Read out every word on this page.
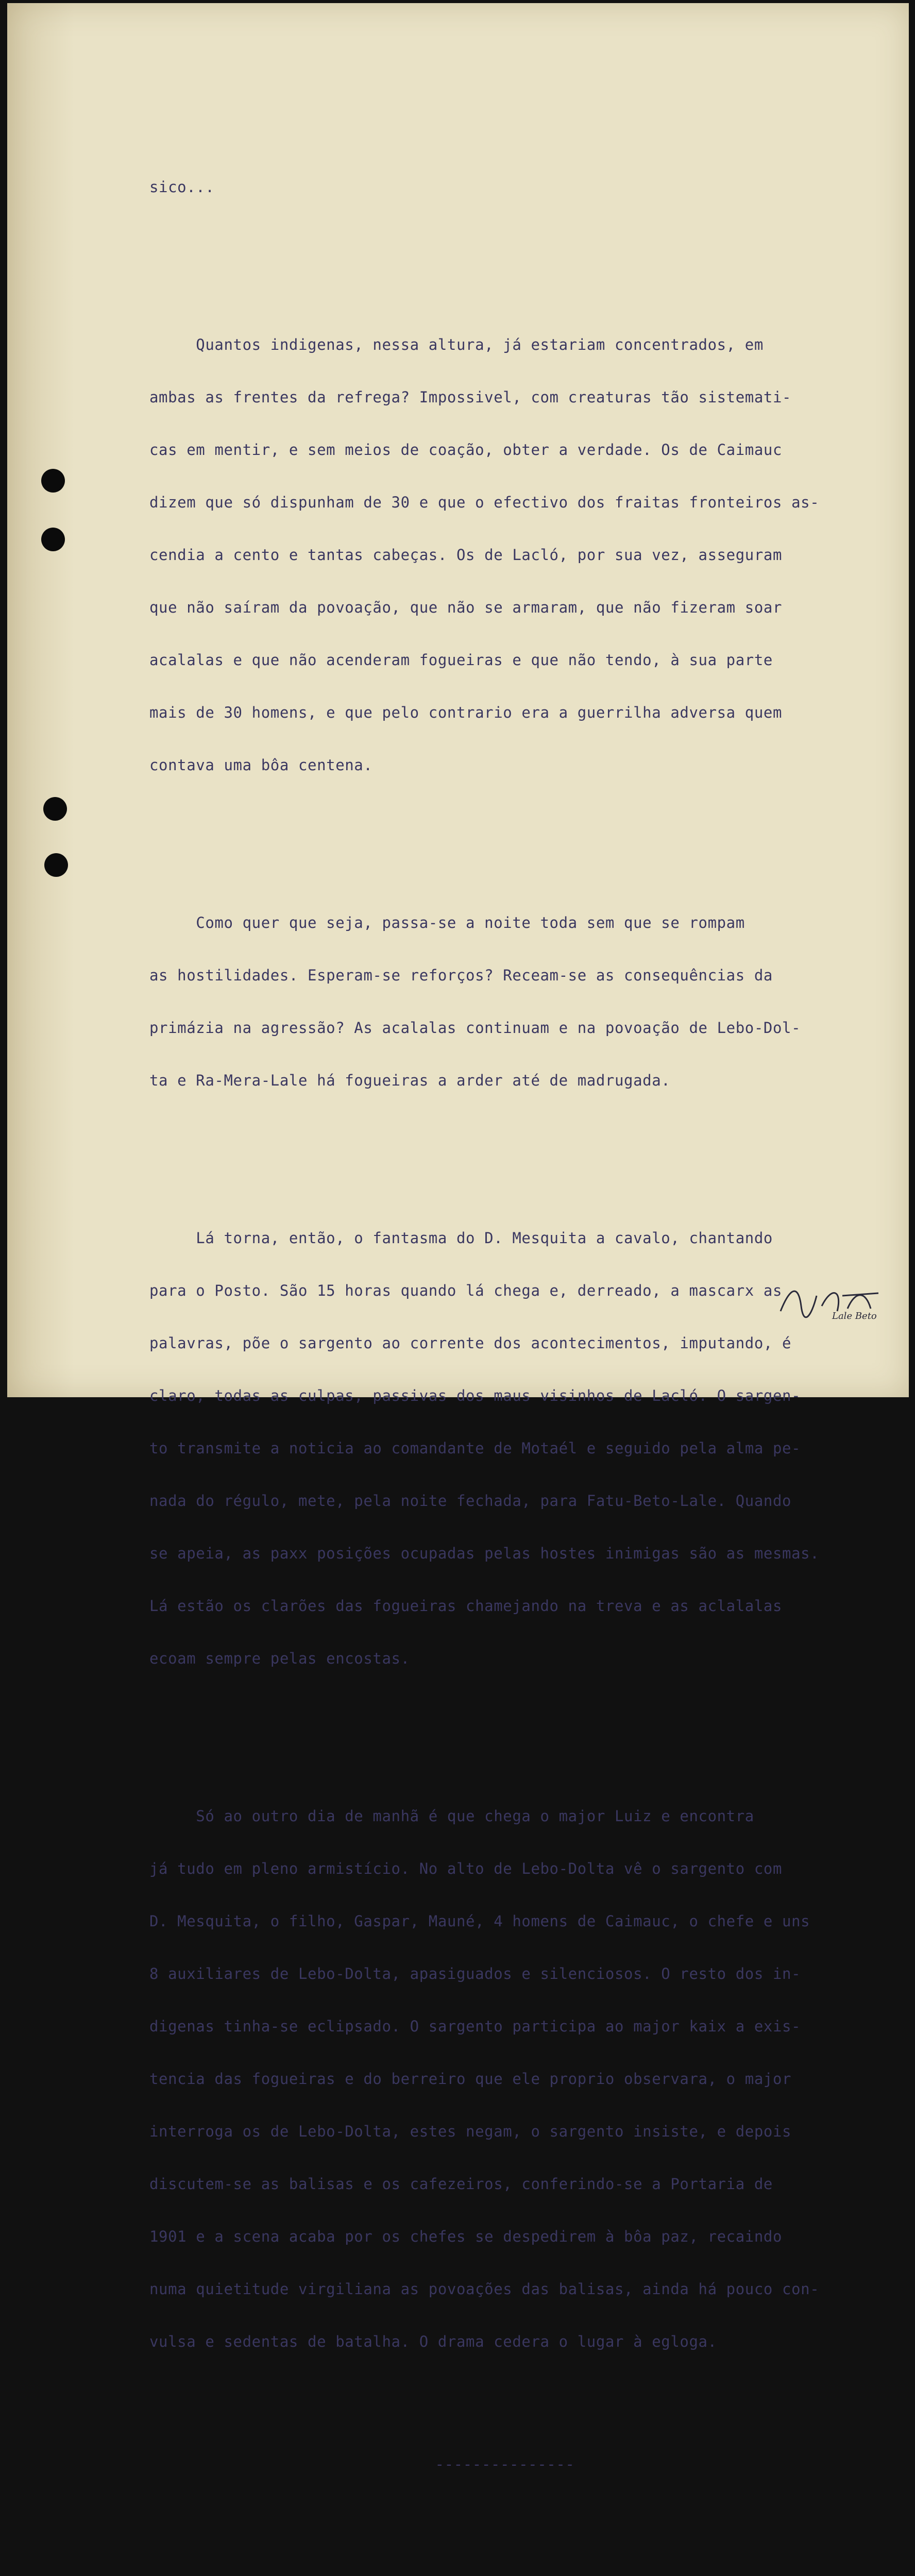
sico...

Quantos indigenas, nessa altura, já estariam concentrados, em

ambas as frentes da refrega? Impossivel, com creaturas tão sistemati-

cas em mentir, e sem meios de coação, obter a verdade. Os de Caimauc

dizem que só dispunham de 30 e que o efectivo dos fraitas fronteiros as-

cendia a cento e tantas cabeças. Os de Lacló, por sua vez, asseguram

que não saíram da povoação, que não se armaram, que não fizeram soar

acalalas e que não acenderam fogueiras e que não tendo, à sua parte

mais de 30 homens, e que pelo contrario era a guerrilha adversa quem

contava uma bôa centena.

Como quer que seja, passa-se a noite toda sem que se rompam

as hostilidades. Esperam-se reforços? Receam-se as consequências da

primázia na agressão? As acalalas continuam e na povoação de Lebo-Dol-

ta e Ra-Mera-Lale há fogueiras a arder até de madrugada.

Lá torna, então, o fantasma do D. Mesquita a cavalo, chantando

para o Posto. São 15 horas quando lá chega e, derreado, a mascarx as

palavras, põe o sargento ao corrente dos acontecimentos, imputando, é

claro, todas as culpas, passivas dos maus visinhos de Lacló. O sargen-

to transmite a noticia ao comandante de Motaél e seguido pela alma pe-

nada do régulo, mete, pela noite fechada, para Fatu-Beto-Lale. Quando

se apeia, as paxx posições ocupadas pelas hostes inimigas são as mesmas.

Lá estão os clarões das fogueiras chamejando na treva e as aclalalas

ecoam sempre pelas encostas.

Só ao outro dia de manhã é que chega o major Luiz e encontra

já tudo em pleno armistício. No alto de Lebo-Dolta vê o sargento com

D. Mesquita, o filho, Gaspar, Mauné, 4 homens de Caimauc, o chefe e uns

8 auxiliares de Lebo-Dolta, apasiguados e silenciosos. O resto dos in-

digenas tinha-se eclipsado. O sargento participa ao major kaix a exis-

tencia das fogueiras e do berreiro que ele proprio observara, o major

interroga os de Lebo-Dolta, estes negam, o sargento insiste, e depois

discutem-se as balisas e os cafezeiros, conferindo-se a Portaria de

1901 e a scena acaba por os chefes se despedirem à bôa paz, recaindo

numa quietitude virgiliana as povoações das balisas, ainda há pouco con-

vulsa e sedentas de batalha. O drama cedera o lugar à egloga.

---------------

Lale Beto
